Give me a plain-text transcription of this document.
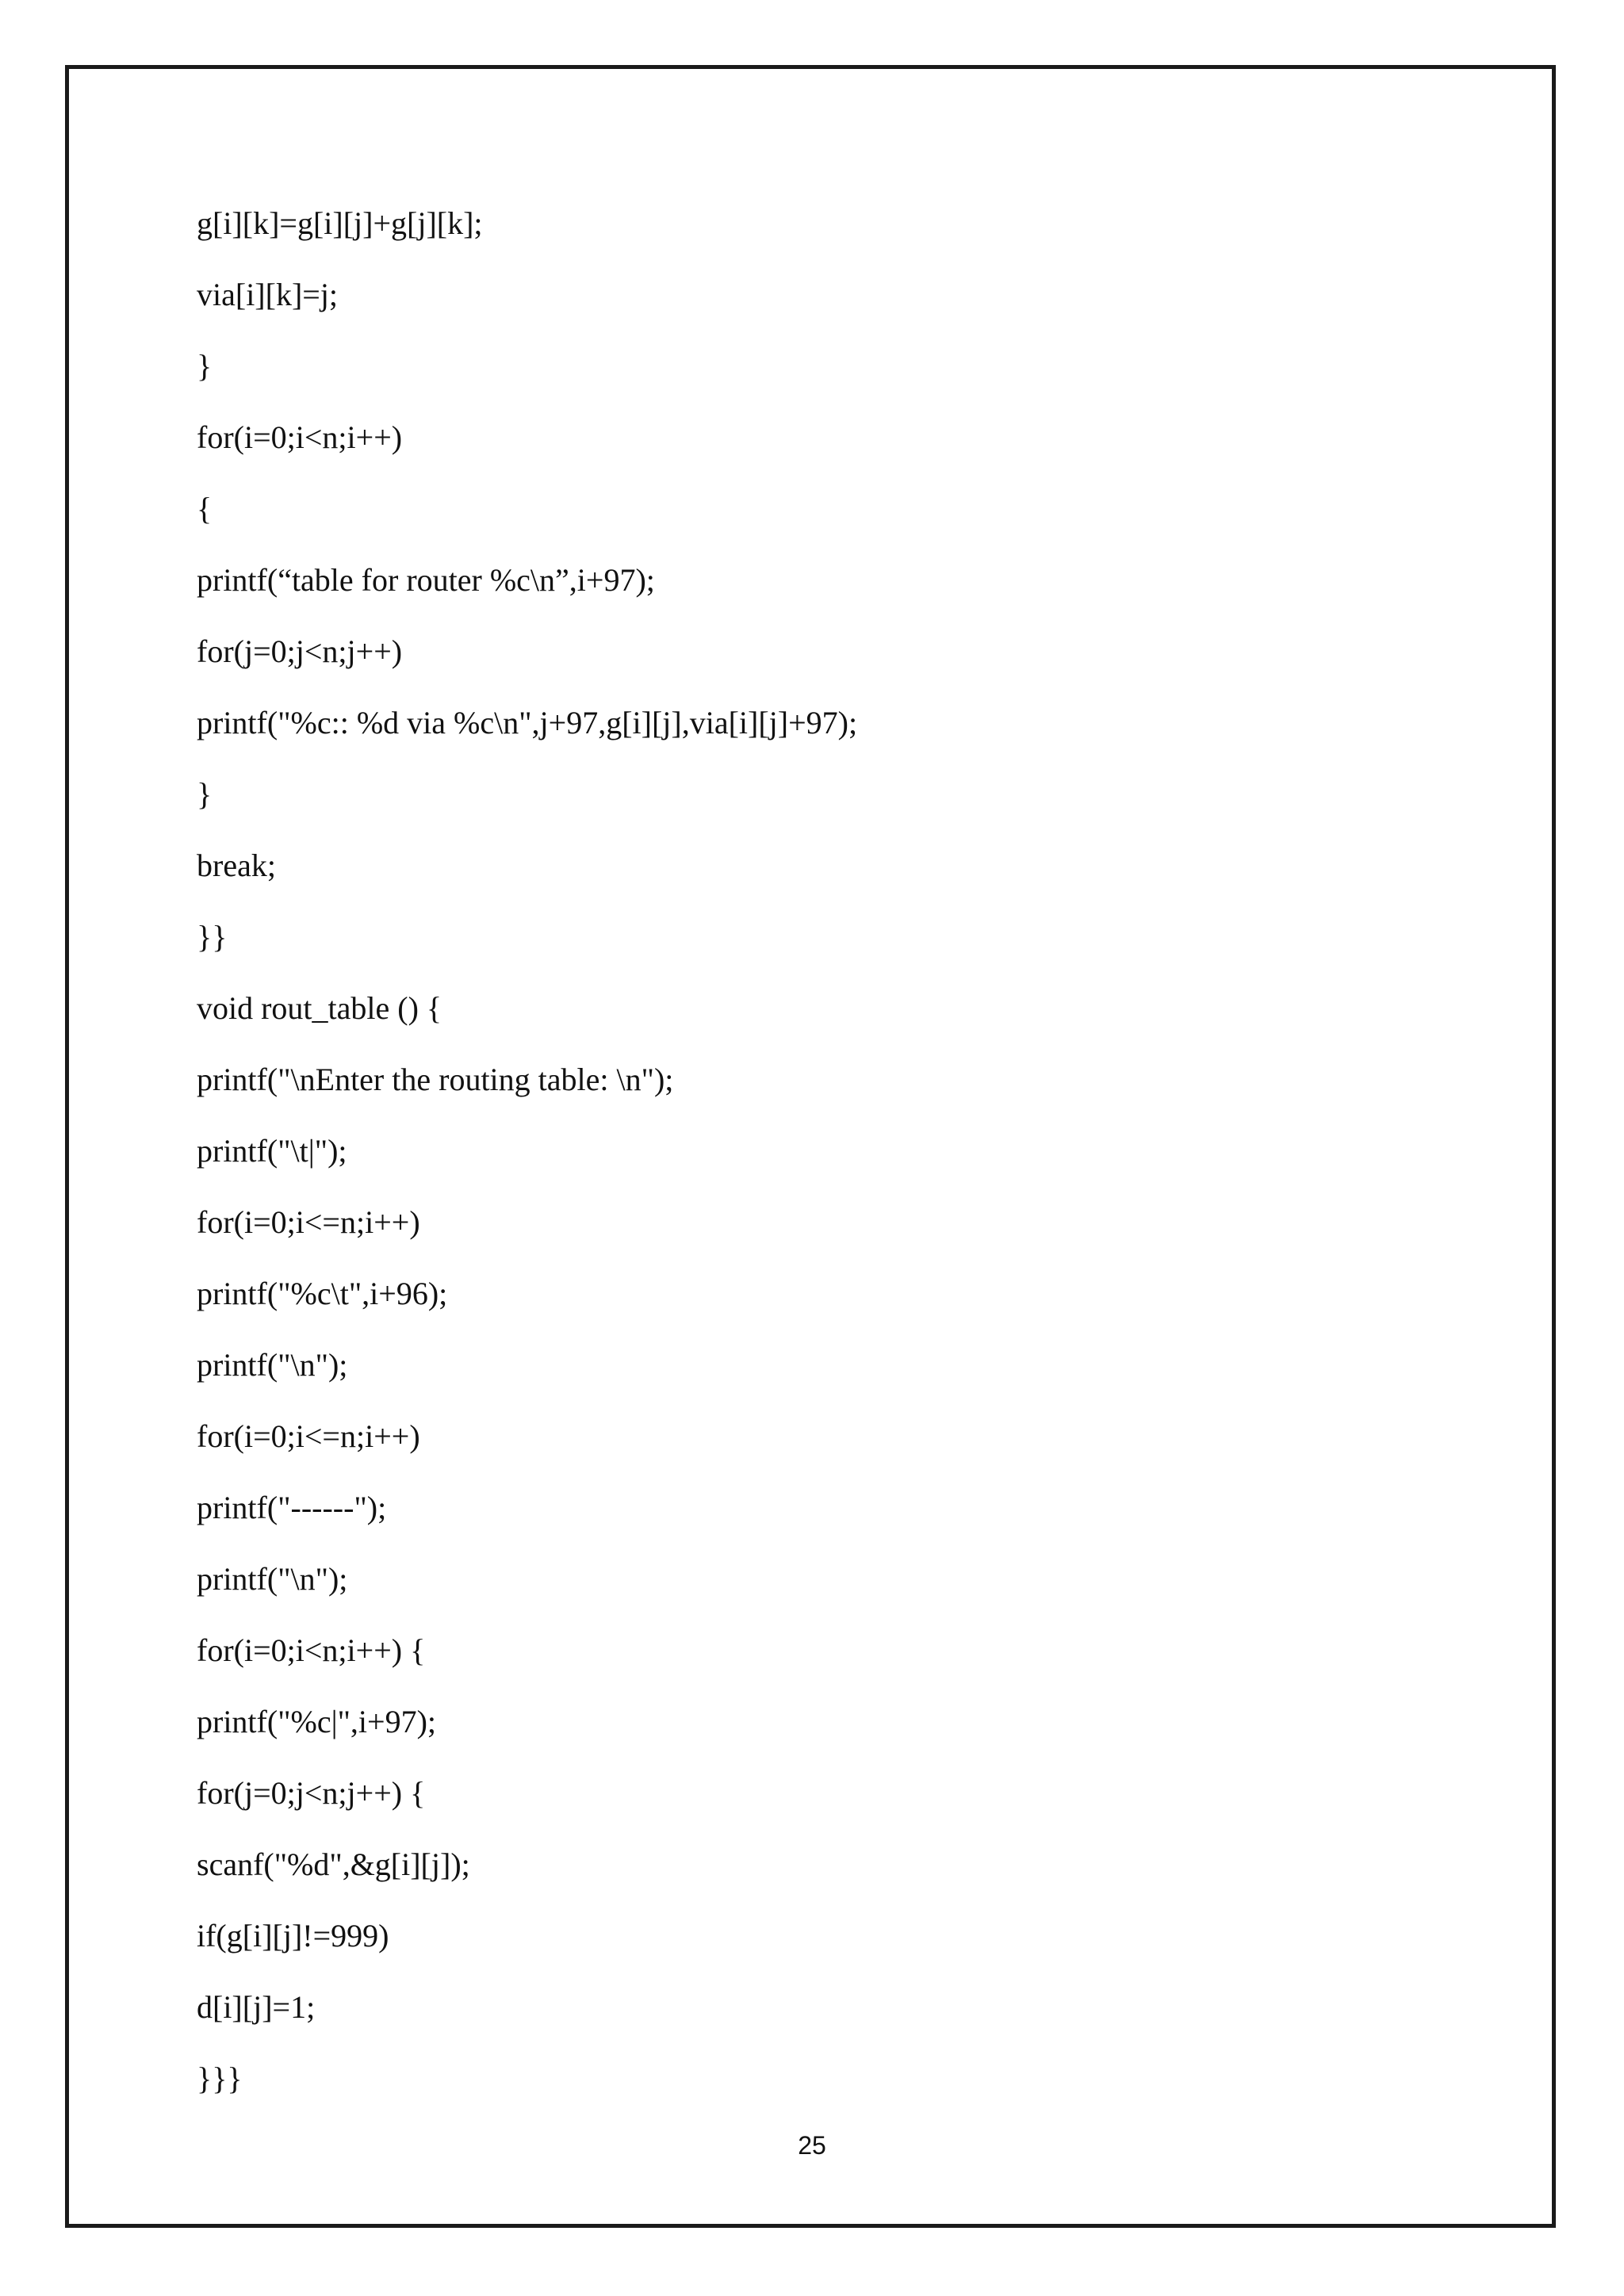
g[i][k]=g[i][j]+g[j][k];
via[i][k]=j;
}
for(i=0;i<n;i++)
{
printf(“table for router %c\n”,i+97);
for(j=0;j<n;j++)
printf("%c:: %d via %c\n",j+97,g[i][j],via[i][j]+97);
}
break;
}}
void rout_table () {
printf("\nEnter the routing table: \n");
printf("\t|");
for(i=0;i<=n;i++)
printf("%c\t",i+96);
printf("\n");
for(i=0;i<=n;i++)
printf("------");
printf("\n");
for(i=0;i<n;i++) {
printf("%c|",i+97);
for(j=0;j<n;j++) {
scanf("%d",&g[i][j]);
if(g[i][j]!=999)
d[i][j]=1;
}}}
25
